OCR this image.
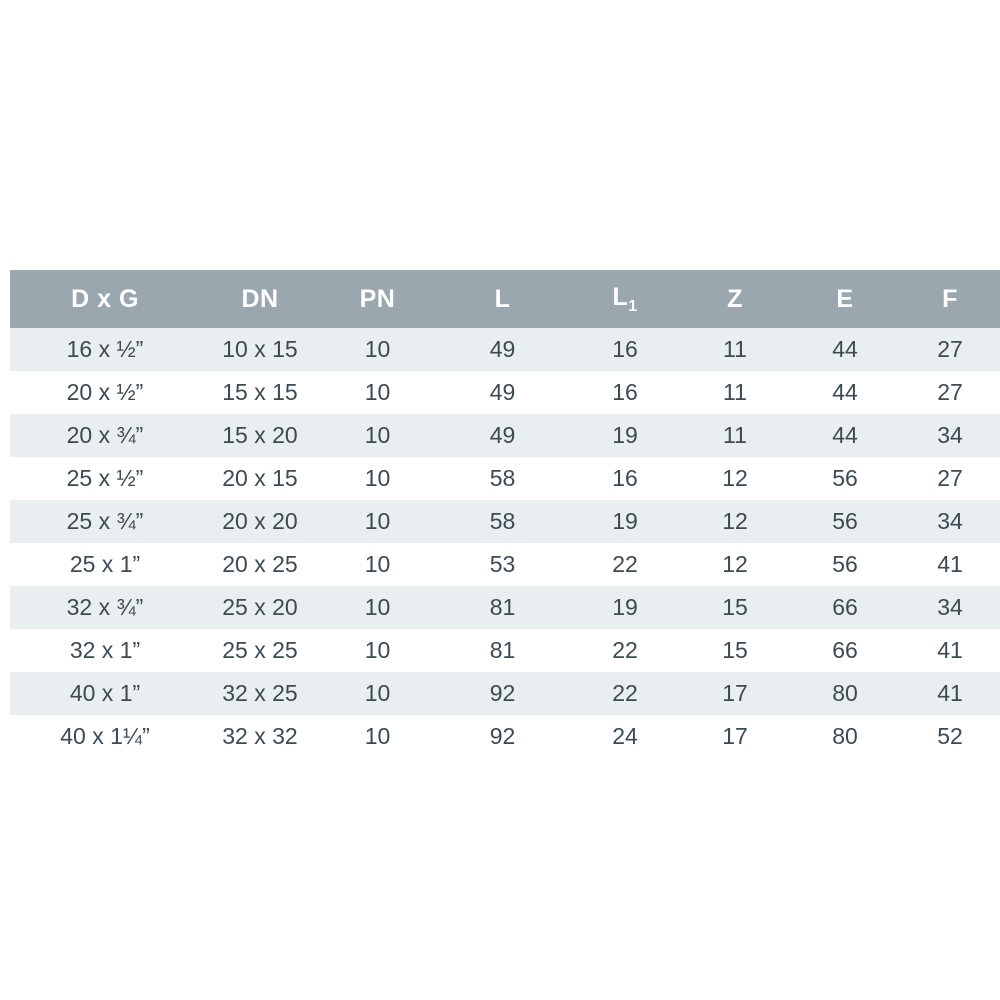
D x G	DN	PN	L	$L_1$	Z	E	F
16 x ½”	10 x 15	10	49	16	11	44	27
20 x ½”	15 x 15	10	49	16	11	44	27
20 x ¾”	15 x 20	10	49	19	11	44	34
25 x ½”	20 x 15	10	58	16	12	56	27
25 x ¾”	20 x 20	10	58	19	12	56	34
25 x 1”	20 x 25	10	53	22	12	56	41
32 x ¾”	25 x 20	10	81	19	15	66	34
32 x 1”	25 x 25	10	81	22	15	66	41
40 x 1”	32 x 25	10	92	22	17	80	41
40 x 1¼”	32 x 32	10	92	24	17	80	52
